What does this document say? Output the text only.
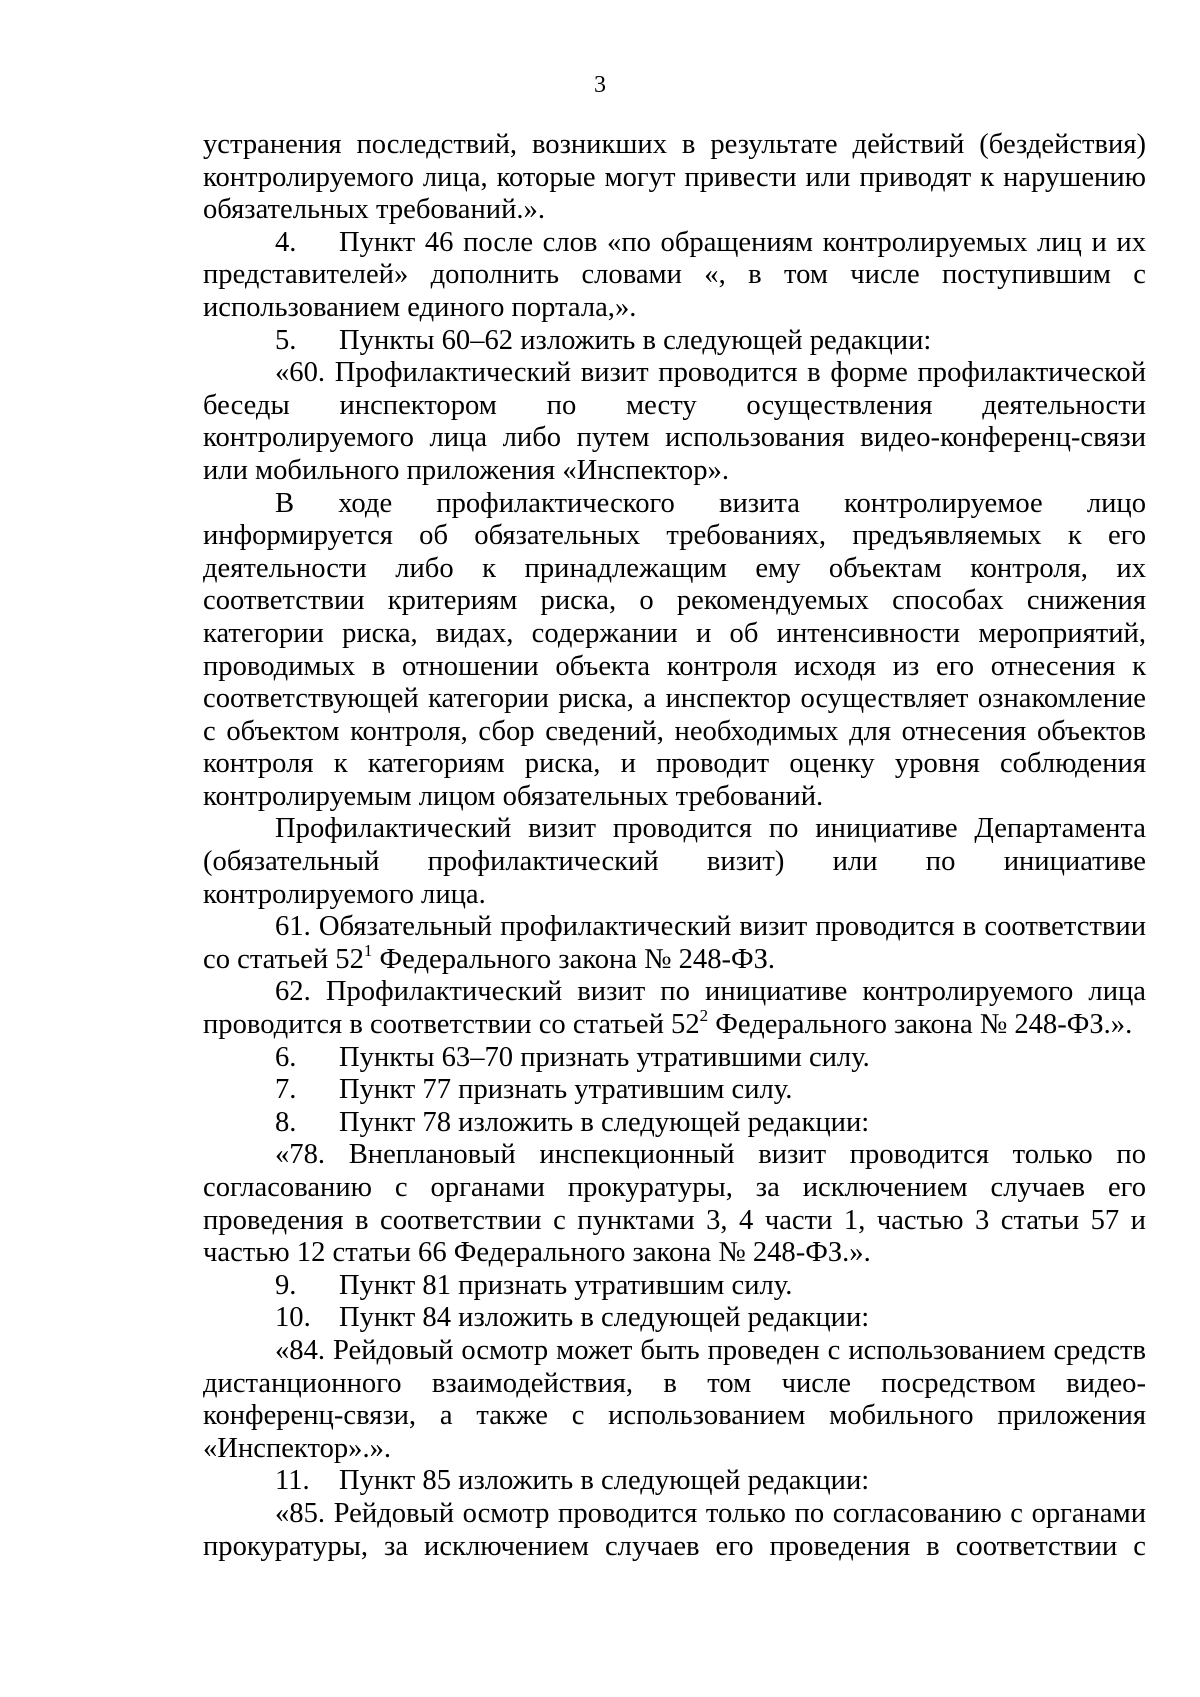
3

устранения последствий, возникших в результате действий (бездействия) контролируемого лица, которые могут привести или приводят к нарушению обязательных требований.».

4. Пункт 46 после слов «по обращениям контролируемых лиц и их представителей» дополнить словами «, в том числе поступившим с использованием единого портала,».

5. Пункты 60–62 изложить в следующей редакции:

«60. Профилактический визит проводится в форме профилактической беседы инспектором по месту осуществления деятельности контролируемого лица либо путем использования видео-конференц-связи или мобильного приложения «Инспектор».

В ходе профилактического визита контролируемое лицо информируется об обязательных требованиях, предъявляемых к его деятельности либо к принадлежащим ему объектам контроля, их соответствии критериям риска, о рекомендуемых способах снижения категории риска, видах, содержании и об интенсивности мероприятий, проводимых в отношении объекта контроля исходя из его отнесения к соответствующей категории риска, а инспектор осуществляет ознакомление с объектом контроля, сбор сведений, необходимых для отнесения объектов контроля к категориям риска, и проводит оценку уровня соблюдения контролируемым лицом обязательных требований.

Профилактический визит проводится по инициативе Департамента (обязательный профилактический визит) или по инициативе контролируемого лица.

61. Обязательный профилактический визит проводится в соответствии со статьей $52^1$ Федерального закона № 248-ФЗ.

62. Профилактический визит по инициативе контролируемого лица проводится в соответствии со статьей $52^2$ Федерального закона № 248-ФЗ.».

6. Пункты 63–70 признать утратившими силу.

7. Пункт 77 признать утратившим силу.

8. Пункт 78 изложить в следующей редакции:

«78. Внеплановый инспекционный визит проводится только по согласованию с органами прокуратуры, за исключением случаев его проведения в соответствии с пунктами 3, 4 части 1, частью 3 статьи 57 и частью 12 статьи 66 Федерального закона № 248-ФЗ.».

9. Пункт 81 признать утратившим силу.

10. Пункт 84 изложить в следующей редакции:

«84. Рейдовый осмотр может быть проведен с использованием средств дистанционного взаимодействия, в том числе посредством видео-конференц-связи, а также с использованием мобильного приложения «Инспектор».».

11. Пункт 85 изложить в следующей редакции:

«85. Рейдовый осмотр проводится только по согласованию с органами прокуратуры, за исключением случаев его проведения в соответствии с
